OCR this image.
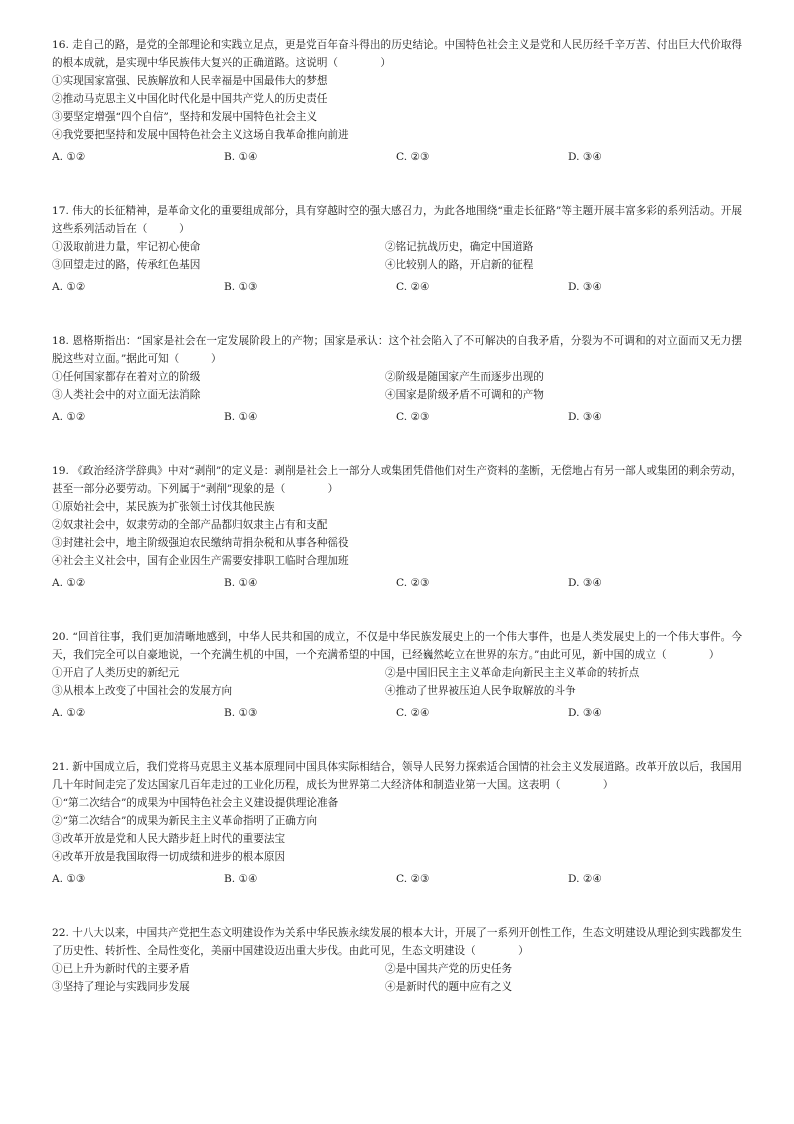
16. 走自己的路，是党的全部理论和实践立足点，更是党百年奋斗得出的历史结论。中国特色社会主义是党和人民历经千辛万苦、付出巨大代价取得的根本成就，是实现中华民族伟大复兴的正确道路。这说明（　　　　）

①实现国家富强、民族解放和人民幸福是中国最伟大的梦想

②推动马克思主义中国化时代化是中国共产党人的历史责任

③要坚定增强“四个自信”，坚持和发展中国特色社会主义

④我党要把坚持和发展中国特色社会主义这场自我革命推向前进

A. ①②	B. ①④	C. ②③	D. ③④

17. 伟大的长征精神，是革命文化的重要组成部分，具有穿越时空的强大感召力，为此各地围绕“重走长征路”等主题开展丰富多彩的系列活动。开展这些系列活动旨在（　　　）

①汲取前进力量，牢记初心使命	②铭记抗战历史，确定中国道路
③回望走过的路，传承红色基因	④比较别人的路，开启新的征程
A. ①②	B. ①③	C. ②④	D. ③④

18. 恩格斯指出：“国家是社会在一定发展阶段上的产物；国家是承认：这个社会陷入了不可解决的自我矛盾，分裂为不可调和的对立面而又无力摆脱这些对立面。”据此可知（　　　）

①任何国家都存在着对立的阶级	②阶级是随国家产生而逐步出现的
③人类社会中的对立面无法消除	④国家是阶级矛盾不可调和的产物
A. ①②	B. ①④	C. ②③	D. ③④

19. 《政治经济学辞典》中对“剥削”的定义是：剥削是社会上一部分人或集团凭借他们对生产资料的垄断，无偿地占有另一部人或集团的剩余劳动，甚至一部分必要劳动。下列属于“剥削”现象的是（　　　　）

①原始社会中，某民族为扩张领土讨伐其他民族

②奴隶社会中，奴隶劳动的全部产品都归奴隶主占有和支配

③封建社会中，地主阶级强迫农民缴纳苛捐杂税和从事各种徭役

④社会主义社会中，国有企业因生产需要安排职工临时合理加班

A. ①②	B. ①④	C. ②③	D. ③④

20. “回首往事，我们更加清晰地感到，中华人民共和国的成立，不仅是中华民族发展史上的一个伟大事件，也是人类发展史上的一个伟大事件。今天，我们完全可以自豪地说，一个充满生机的中国，一个充满希望的中国，已经巍然屹立在世界的东方。”由此可见，新中国的成立（　　　　）

①开启了人类历史的新纪元	②是中国旧民主主义革命走向新民主主义革命的转折点
③从根本上改变了中国社会的发展方向	④推动了世界被压迫人民争取解放的斗争
A. ①②	B. ①③	C. ②④	D. ③④

21. 新中国成立后，我们党将马克思主义基本原理同中国具体实际相结合，领导人民努力探索适合国情的社会主义发展道路。改革开放以后，我国用几十年时间走完了发达国家几百年走过的工业化历程，成长为世界第二大经济体和制造业第一大国。这表明（　　　　）

①“第二次结合”的成果为中国特色社会主义建设提供理论准备

②“第二次结合”的成果为新民主主义革命指明了正确方向

③改革开放是党和人民大踏步赶上时代的重要法宝

④改革开放是我国取得一切成绩和进步的根本原因

A. ①③	B. ①④	C. ②③	D. ②④

22. 十八大以来，中国共产党把生态文明建设作为关系中华民族永续发展的根本大计，开展了一系列开创性工作，生态文明建设从理论到实践都发生了历史性、转折性、全局性变化，美丽中国建设迈出重大步伐。由此可见，生态文明建设（　　　　）

①已上升为新时代的主要矛盾	②是中国共产党的历史任务
③坚持了理论与实践同步发展	④是新时代的题中应有之义
